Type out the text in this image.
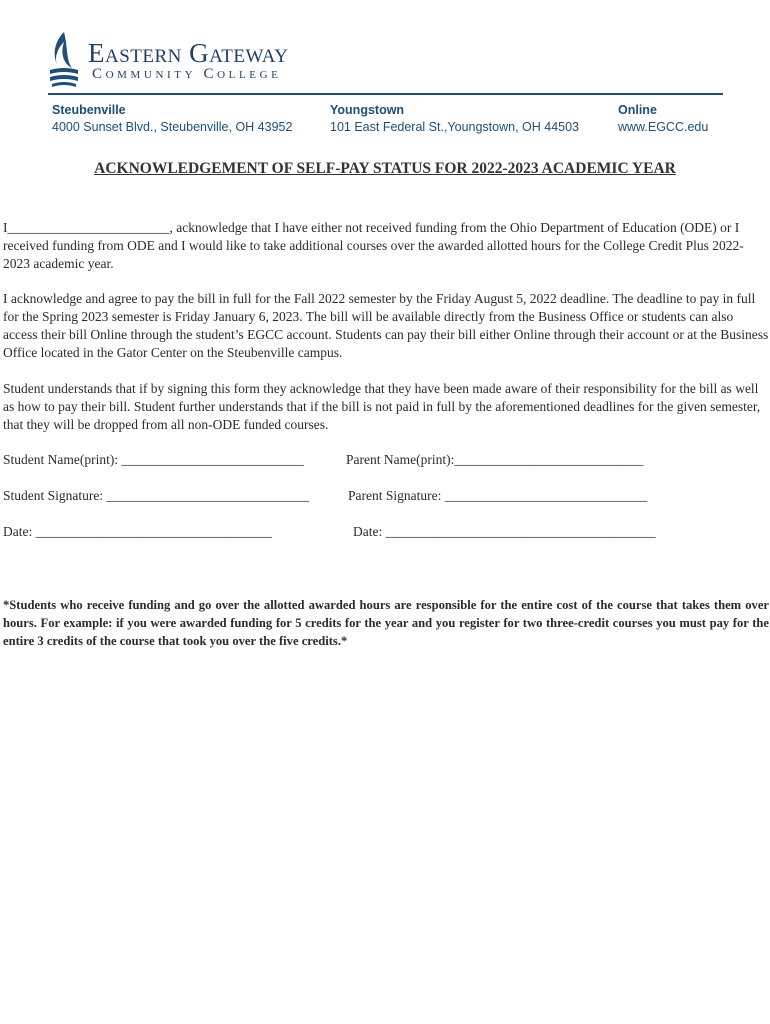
Eastern Gateway
Community College
Steubenville
4000 Sunset Blvd., Steubenville, OH 43952
Youngstown
101 East Federal St.,Youngstown, OH 44503
Online
www.EGCC.edu
ACKNOWLEDGEMENT OF SELF-PAY STATUS FOR 2022-2023 ACADEMIC YEAR

I________________________, acknowledge that I have either not received funding from the Ohio Department of Education (ODE) or I received funding from ODE and I would like to take additional courses over the awarded allotted hours for the College Credit Plus 2022-2023 academic year.

I acknowledge and agree to pay the bill in full for the Fall 2022 semester by the Friday August 5, 2022 deadline. The deadline to pay in full for the Spring 2023 semester is Friday January 6, 2023. The bill will be available directly from the Business Office or students can also access their bill Online through the student’s EGCC account. Students can pay their bill either Online through their account or at the Business Office located in the Gator Center on the Steubenville campus.

Student understands that if by signing this form they acknowledge that they have been made aware of their responsibility for the bill as well as how to pay their bill. Student further understands that if the bill is not paid in full by the aforementioned deadlines for the given semester, that they will be dropped from all non-ODE funded courses.

Student Name(print): ___________________________	Parent Name(print):____________________________
Student Signature: ______________________________	Parent Signature: ______________________________
Date: ___________________________________	Date: ________________________________________

*Students who receive funding and go over the allotted awarded hours are responsible for the entire cost of the course that takes them over hours. For example: if you were awarded funding for 5 credits for the year and you register for two three-credit courses you must pay for the entire 3 credits of the course that took you over the five credits.*
